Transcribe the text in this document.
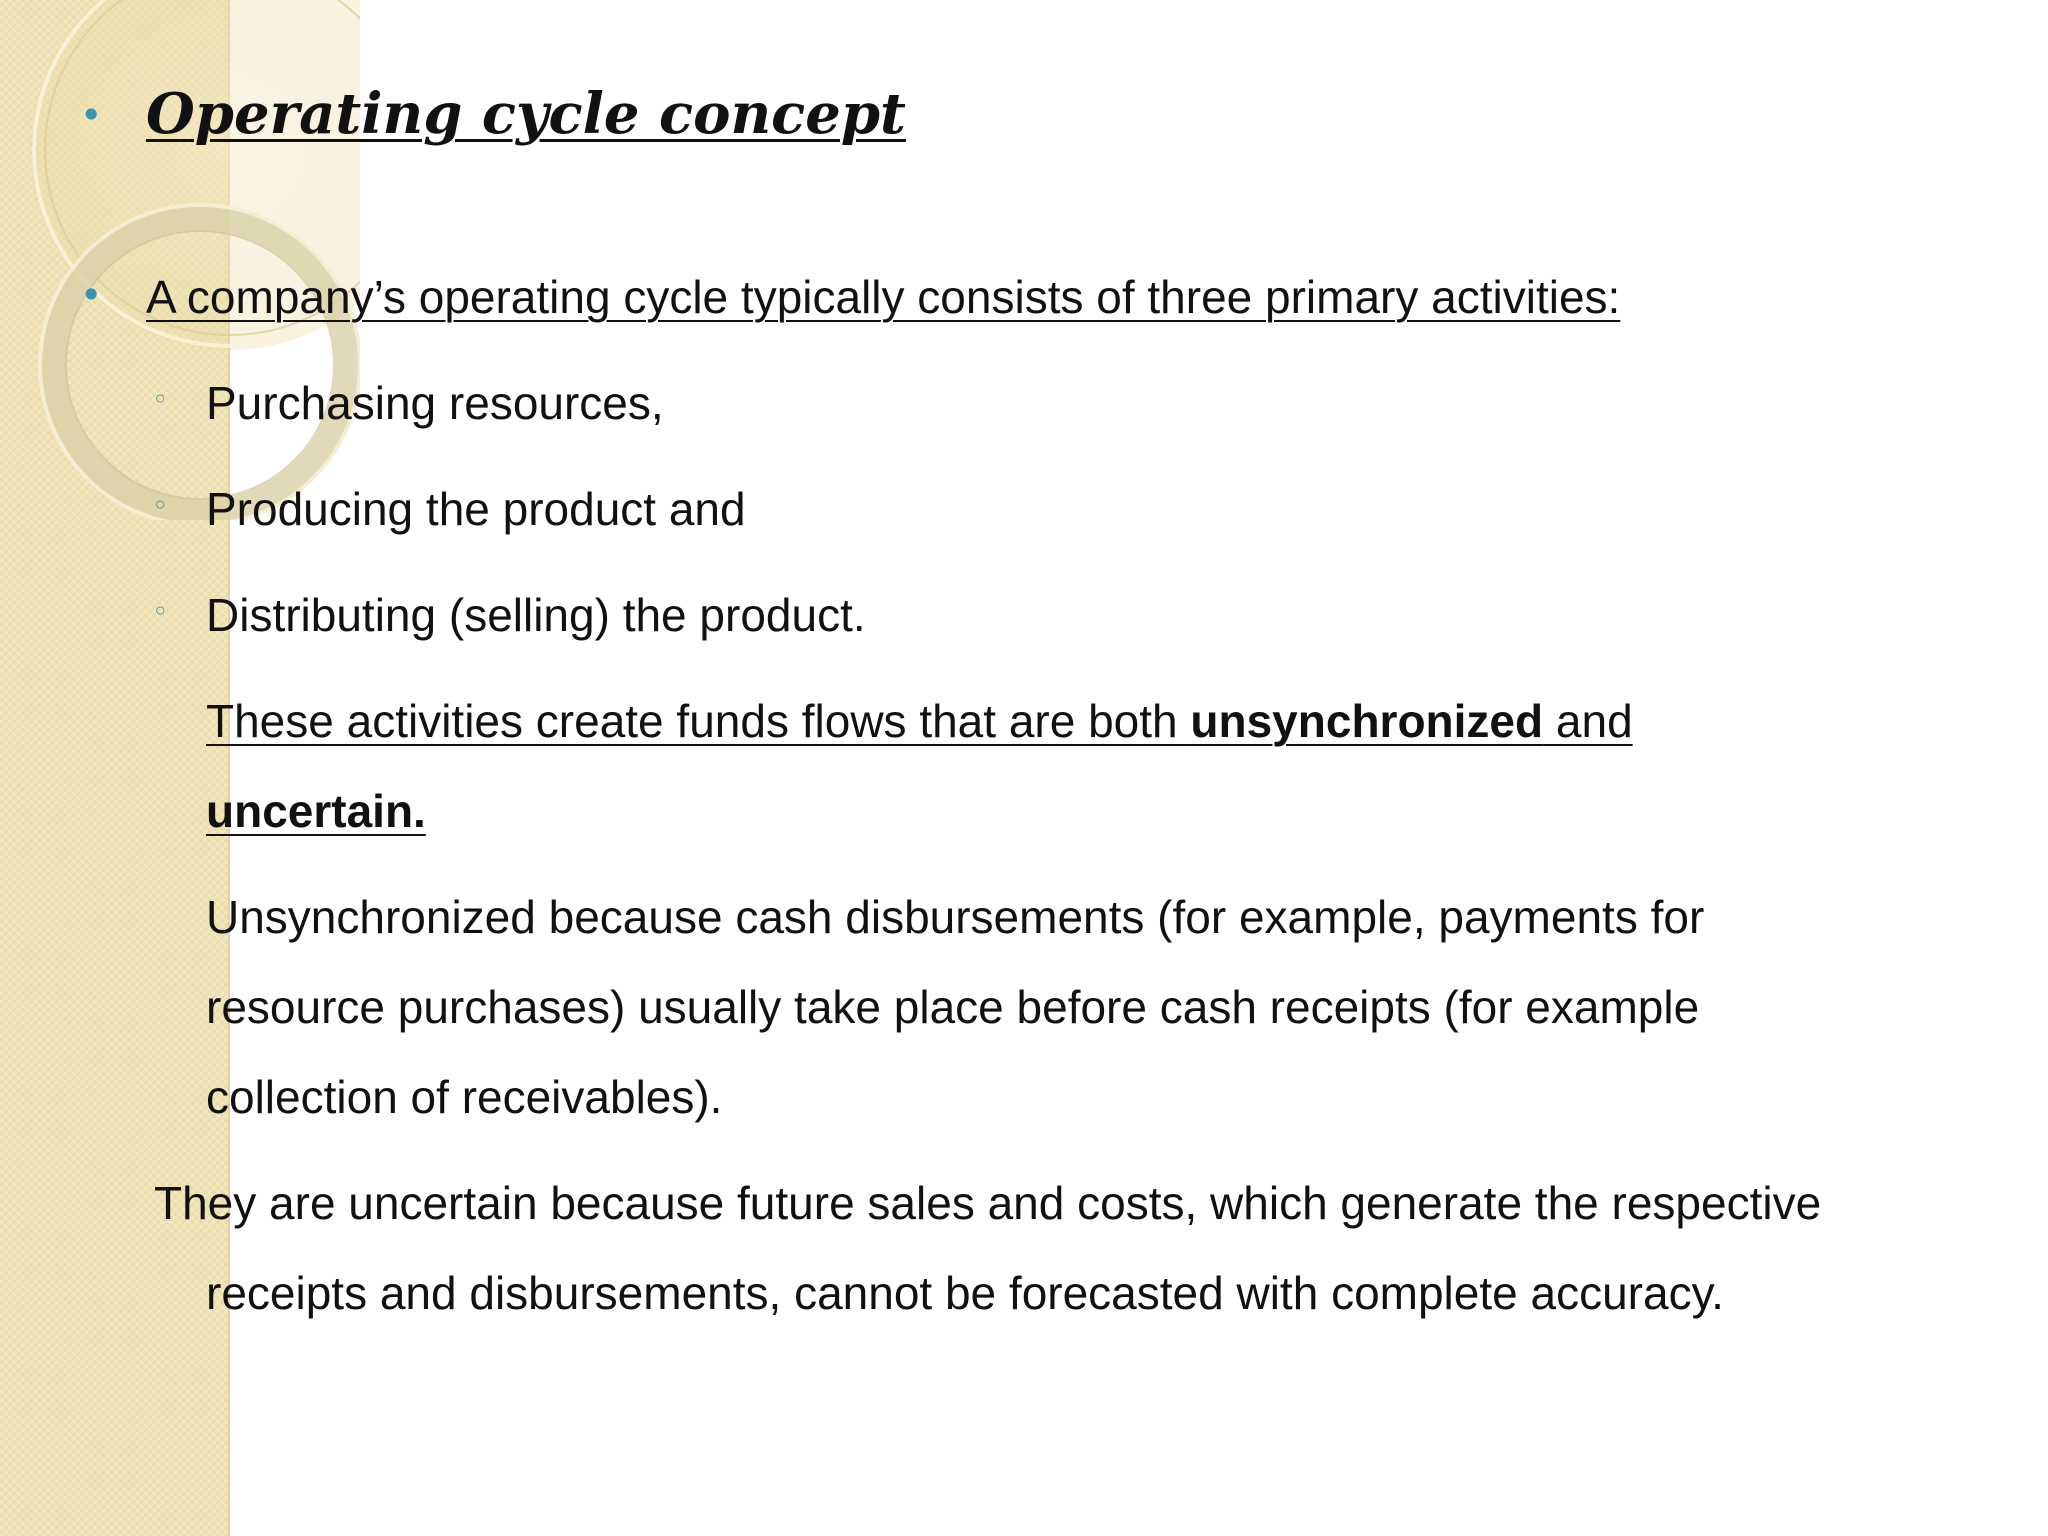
• Operating cycle concept
• A company’s operating cycle typically consists of three primary activities:
◦ Purchasing resources,
◦ Producing the product and
◦ Distributing (selling) the product.
These activities create funds flows that are both unsynchronized and
uncertain.
Unsynchronized because cash disbursements (for example, payments for
resource purchases) usually take place before cash receipts (for example
collection of receivables).
They are uncertain because future sales and costs, which generate the respective
receipts and disbursements, cannot be forecasted with complete accuracy.
